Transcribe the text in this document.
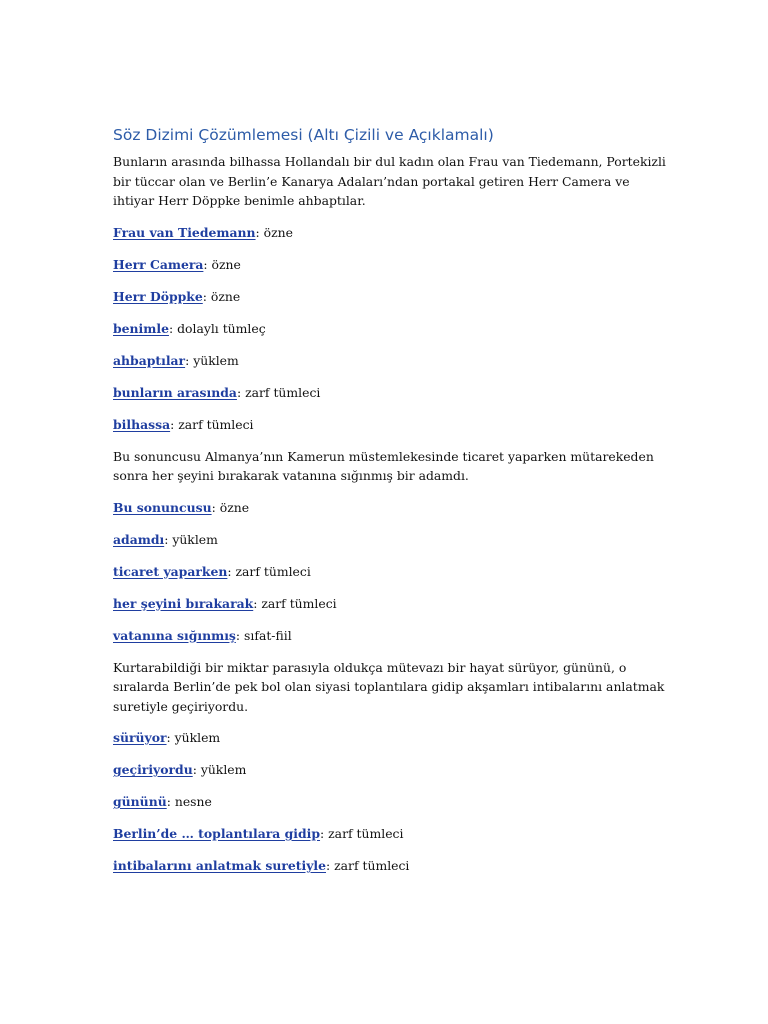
Söz Dizimi Çözümlemesi (Altı Çizili ve Açıklamalı)

Bunların arasında bilhassa Hollandalı bir dul kadın olan Frau van Tiedemann, Portekizli bir tüccar olan ve Berlin’e Kanarya Adaları’ndan portakal getiren Herr Camera ve ihtiyar Herr Döppke benimle ahbaptılar.

Frau van Tiedemann: özne
Herr Camera: özne
Herr Döppke: özne
benimle: dolaylı tümleç
ahbaptılar: yüklem
bunların arasında: zarf tümleci
bilhassa: zarf tümleci

Bu sonuncusu Almanya’nın Kamerun müstemlekesinde ticaret yaparken mütarekeden sonra her şeyini bırakarak vatanına sığınmış bir adamdı.

Bu sonuncusu: özne
adamdı: yüklem
ticaret yaparken: zarf tümleci
her şeyini bırakarak: zarf tümleci
vatanına sığınmış: sıfat-fiil

Kurtarabildiği bir miktar parasıyla oldukça mütevazı bir hayat sürüyor, gününü, o sıralarda Berlin’de pek bol olan siyasi toplantılara gidip akşamları intibalarını anlatmak suretiyle geçiriyordu.

sürüyor: yüklem
geçiriyordu: yüklem
gününü: nesne
Berlin’de … toplantılara gidip: zarf tümleci
intibalarını anlatmak suretiyle: zarf tümleci
